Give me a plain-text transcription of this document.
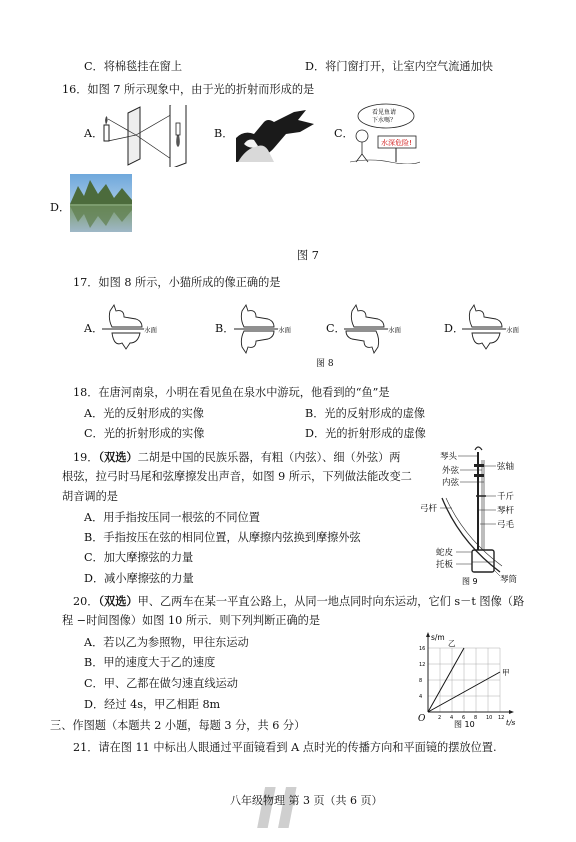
C．将棉毯挂在窗上	D．将门窗打开，让室内空气流通加快
16．如图 7 所示现象中，由于光的折射而形成的是
A．	B．	C．
看见鱼请
下水嗎？
水深危险!
D．
图 7
17．如图 8 所示，小猫所成的像正确的是
A．	水面	B．	水面	C．	水面	D．	水面
图 8
18．在唐河南泉，小明在看见鱼在泉水中游玩，他看到的“鱼”是
A．光的反射形成的实像	B．光的反射形成的虚像
C．光的折射形成的实像	D．光的折射形成的虚像
19．（双选）二胡是中国的民族乐器，有粗（内弦）、细（外弦）两
根弦，拉弓时马尾和弦摩擦发出声音，如图 9 所示，下列做法能改变二
胡音调的是
A．用手指按压同一根弦的不同位置
B．手指按压在弦的相同位置，从摩擦内弦换到摩擦外弦
C．加大摩擦弦的力量
D．减小摩擦弦的力量
琴头
外弦
内弦
弦轴
千斤
琴杆
弓毛
弓杆
蛇皮
托板
琴筒
图 9
20．（双选）甲、乙两车在某一平直公路上，从同一地点同时向东运动，它们 s－t 图像（路
程 −时间图像）如图 10 所示．则下列判断正确的是
A．若以乙为参照物，甲往东运动
B．甲的速度大于乙的速度
C．甲、乙都在做匀速直线运动
D．经过 4s，甲乙相距 8m
乙
甲
2 4 6 8 10 12
4
8
12
16
s/m
t/s
O
图 10
三、作图题（本题共 2 小题，每题 3 分，共 6 分）
21．请在图 11 中标出人眼通过平面镜看到 A 点时光的传播方向和平面镜的摆放位置.
II
八年级物理 第 3 页（共 6 页）
